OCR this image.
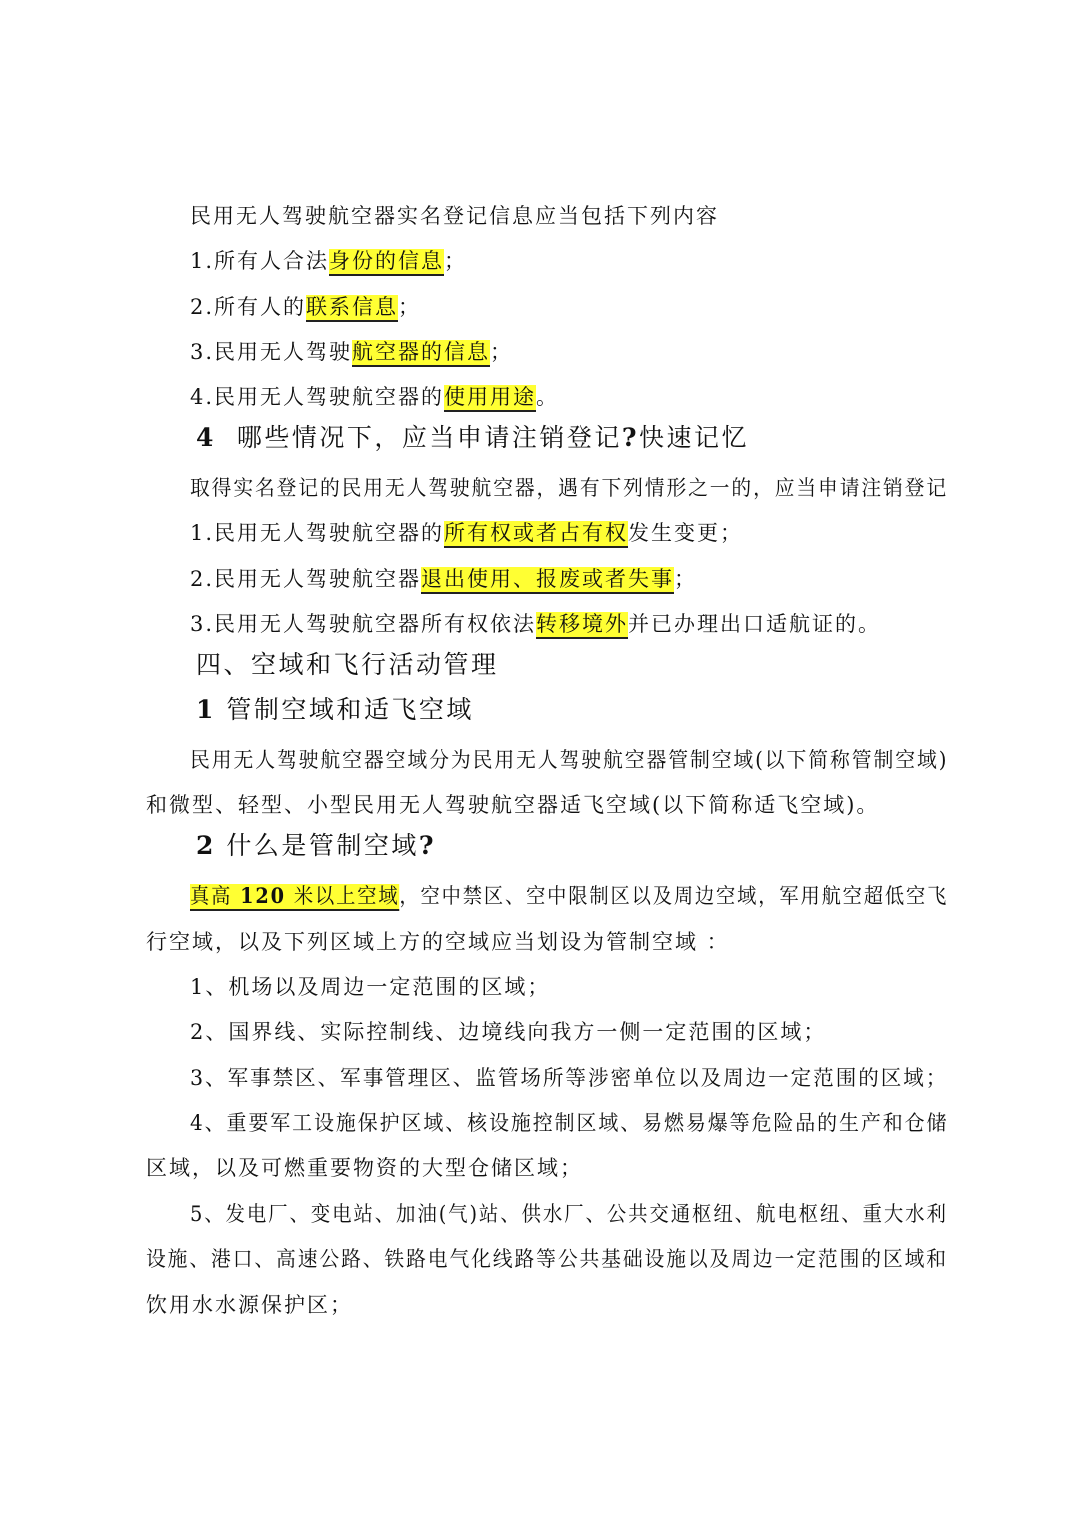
民用无人驾驶航空器实名登记信息应当包括下列内容
1.所有人合法身份的信息；
2.所有人的联系信息；
3.民用无人驾驶航空器的信息；
4.民用无人驾驶航空器的使用用途。
4 哪些情况下，应当申请注销登记?快速记忆
取得实名登记的民用无人驾驶航空器，遇有下列情形之一的，应当申请注销登记
1.民用无人驾驶航空器的所有权或者占有权发生变更；
2.民用无人驾驶航空器退出使用、报废或者失事；
3.民用无人驾驶航空器所有权依法转移境外并已办理出口适航证的。
四、空域和飞行活动管理
1 管制空域和适飞空域
民用无人驾驶航空器空域分为民用无人驾驶航空器管制空域(以下简称管制空域)
和微型、轻型、小型民用无人驾驶航空器适飞空域(以下简称适飞空域)。
2 什么是管制空域?
真高 120 米以上空域，空中禁区、空中限制区以及周边空域，军用航空超低空飞
行空域，以及下列区域上方的空域应当划设为管制空域 ：
1、机场以及周边一定范围的区域；
2、国界线、实际控制线、边境线向我方一侧一定范围的区域；
3、军事禁区、军事管理区、监管场所等涉密单位以及周边一定范围的区域；
4、重要军工设施保护区域、核设施控制区域、易燃易爆等危险品的生产和仓储
区域，以及可燃重要物资的大型仓储区域；
5、发电厂、变电站、加油(气)站、供水厂、公共交通枢纽、航电枢纽、重大水利
设施、港口、高速公路、铁路电气化线路等公共基础设施以及周边一定范围的区域和
饮用水水源保护区；
